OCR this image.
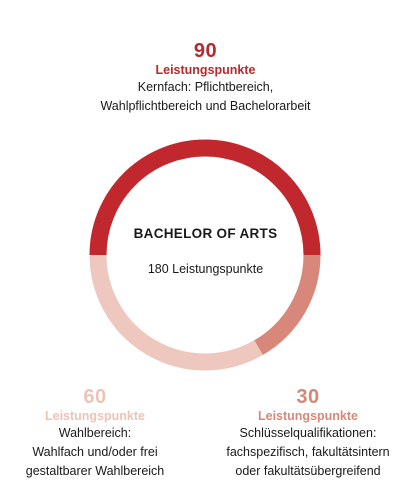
BACHELOR OF ARTS
180 Leistungspunkte
90
Leistungspunkte
Kernfach: Pflichtbereich,
Wahlpflichtbereich und Bachelorarbeit
60
Leistungspunkte
Wahlbereich:
Wahlfach und/oder frei
gestaltbarer Wahlbereich
30
Leistungspunkte
Schlüsselqualifikationen:
fachspezifisch, fakultätsintern
oder fakultätsübergreifend
